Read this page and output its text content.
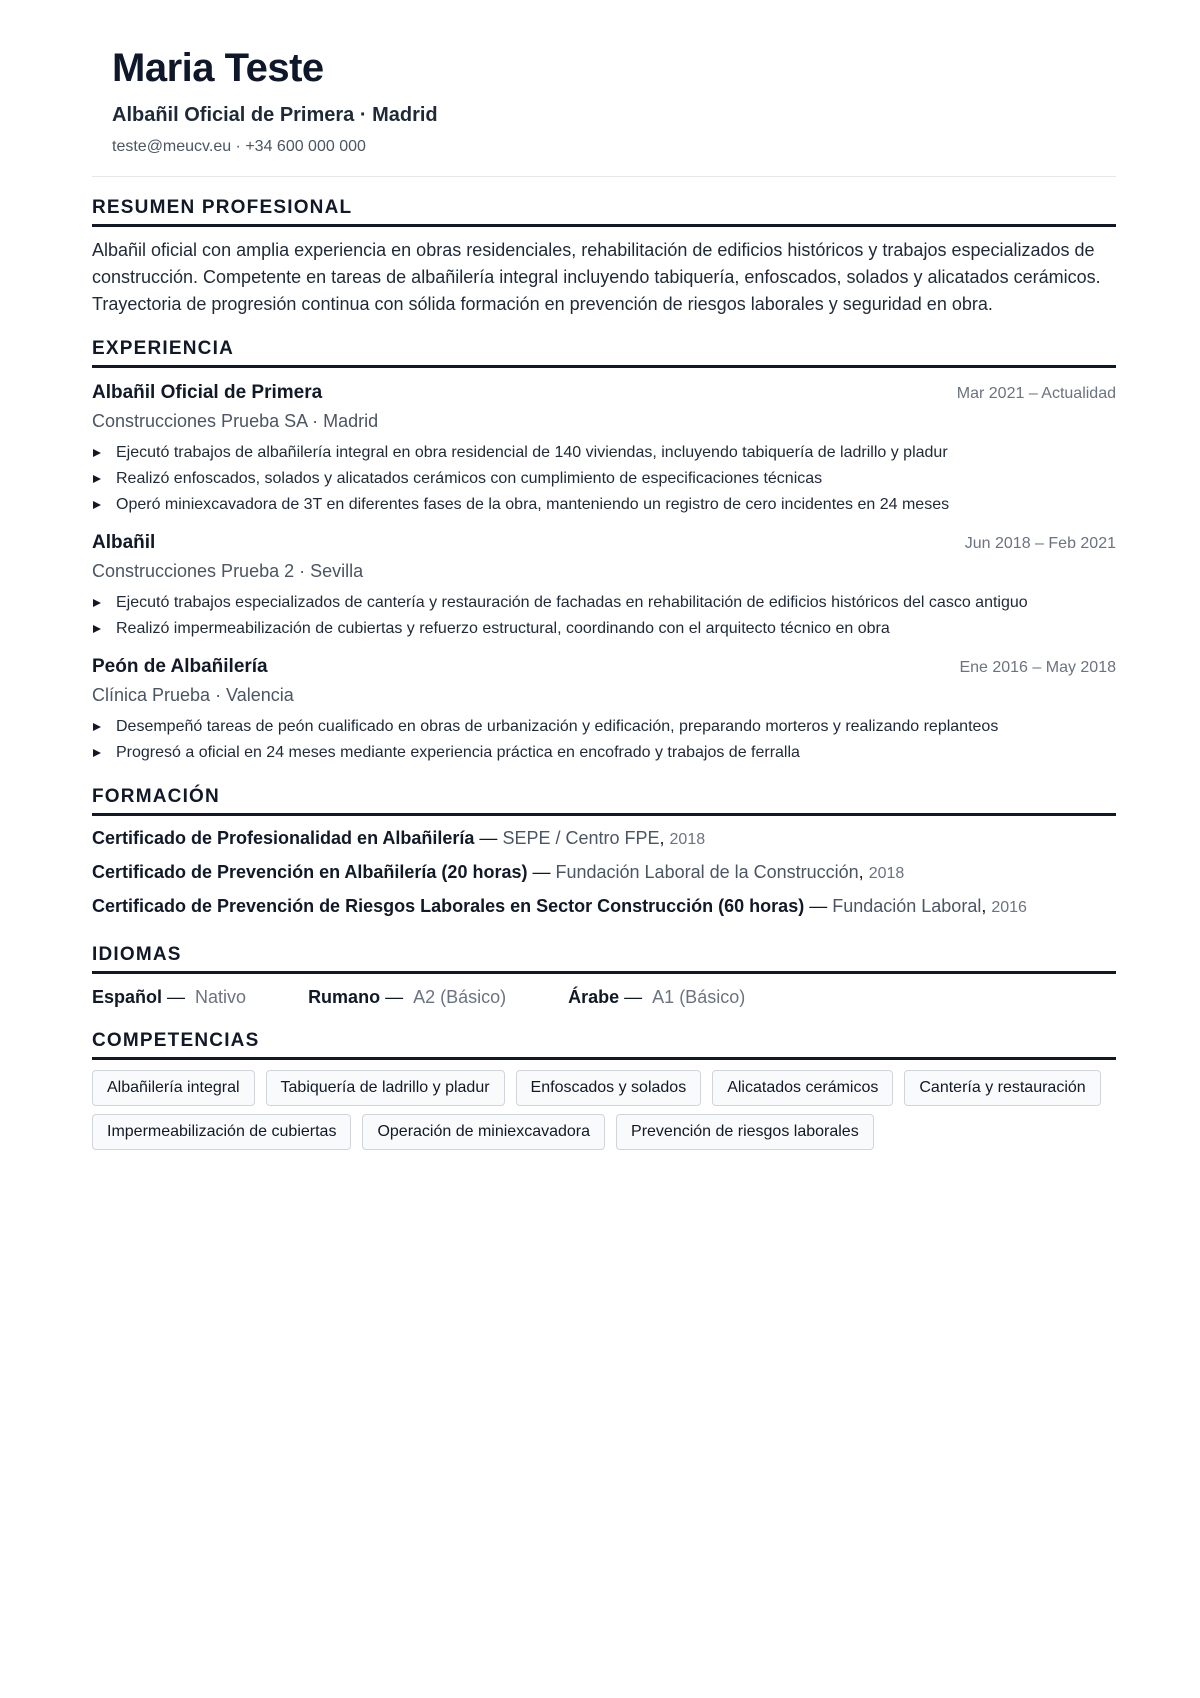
Maria Teste
Albañil Oficial de Primera · Madrid
teste@meucv.eu · +34 600 000 000
RESUMEN PROFESIONAL
Albañil oficial con amplia experiencia en obras residenciales, rehabilitación de edificios históricos y trabajos especializados de construcción. Competente en tareas de albañilería integral incluyendo tabiquería, enfoscados, solados y alicatados cerámicos. Trayectoria de progresión continua con sólida formación en prevención de riesgos laborales y seguridad en obra.
EXPERIENCIA
Albañil Oficial de Primera	Mar 2021 – Actualidad
Construcciones Prueba SA · Madrid
Ejecutó trabajos de albañilería integral en obra residencial de 140 viviendas, incluyendo tabiquería de ladrillo y pladur
Realizó enfoscados, solados y alicatados cerámicos con cumplimiento de especificaciones técnicas
Operó miniexcavadora de 3T en diferentes fases de la obra, manteniendo un registro de cero incidentes en 24 meses
Albañil	Jun 2018 – Feb 2021
Construcciones Prueba 2 · Sevilla
Ejecutó trabajos especializados de cantería y restauración de fachadas en rehabilitación de edificios históricos del casco antiguo
Realizó impermeabilización de cubiertas y refuerzo estructural, coordinando con el arquitecto técnico en obra
Peón de Albañilería	Ene 2016 – May 2018
Clínica Prueba · Valencia
Desempeñó tareas de peón cualificado en obras de urbanización y edificación, preparando morteros y realizando replanteos
Progresó a oficial en 24 meses mediante experiencia práctica en encofrado y trabajos de ferralla
FORMACIÓN
Certificado de Profesionalidad en Albañilería — SEPE / Centro FPE, 2018
Certificado de Prevención en Albañilería (20 horas) — Fundación Laboral de la Construcción, 2018
Certificado de Prevención de Riesgos Laborales en Sector Construcción (60 horas) — Fundación Laboral, 2016
IDIOMAS
Español — Nativo	Rumano — A2 (Básico)	Árabe — A1 (Básico)
COMPETENCIAS
Albañilería integral	Tabiquería de ladrillo y pladur	Enfoscados y solados	Alicatados cerámicos	Cantería y restauración
Impermeabilización de cubiertas	Operación de miniexcavadora	Prevención de riesgos laborales
